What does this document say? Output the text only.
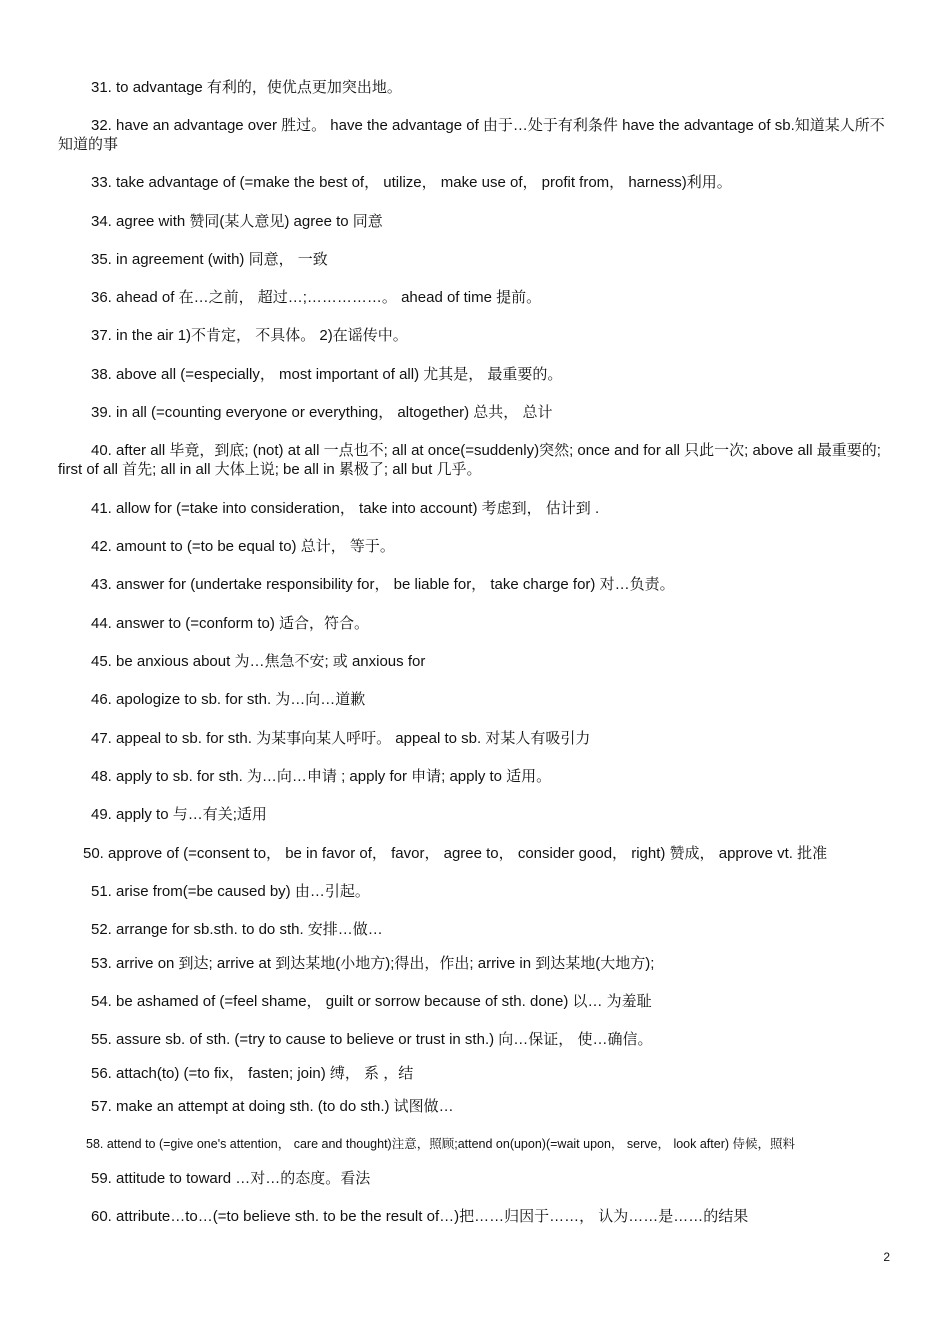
31. to advantage 有利的，使优点更加突出地。
32. have an advantage over 胜过。 have the advantage of 由于…处于有利条件 have the advantage of sb.知道某人所不知道的事
33. take advantage of (=make the best of， utilize， make use of， profit from， harness)利用。
34. agree with 赞同(某人意见) agree to 同意
35. in agreement (with) 同意， 一致
36. ahead of 在…之前， 超过…;……………。 ahead of time 提前。
37. in the air 1)不肯定， 不具体。 2)在谣传中。
38. above all (=especially， most important of all) 尤其是， 最重要的。
39. in all (=counting everyone or everything， altogether) 总共， 总计
40. after all 毕竟，到底; (not) at all 一点也不; all at once(=suddenly)突然; once and for all 只此一次; above all 最重要的; first of all 首先; all in all 大体上说; be all in 累极了; all but 几乎。
41. allow for (=take into consideration， take into account) 考虑到， 估计到 .
42. amount to (=to be equal to) 总计， 等于。
43. answer for (undertake responsibility for， be liable for， take charge for) 对…负责。
44. answer to (=conform to) 适合，符合。
45. be anxious about 为…焦急不安; 或 anxious for
46. apologize to sb. for sth. 为…向…道歉
47. appeal to sb. for sth. 为某事向某人呼吁。 appeal to sb. 对某人有吸引力
48. apply to sb. for sth. 为…向…申请 ; apply for 申请; apply to 适用。
49. apply to 与…有关;适用
50. approve of (=consent to， be in favor of， favor， agree to， consider good， right) 赞成， approve vt. 批准
51. arise from(=be caused by) 由…引起。
52. arrange for sb.sth. to do sth. 安排…做…
53. arrive on 到达; arrive at 到达某地(小地方);得出，作出; arrive in 到达某地(大地方);
54. be ashamed of (=feel shame， guilt or sorrow because of sth. done) 以… 为羞耻
55. assure sb. of sth. (=try to cause to believe or trust in sth.) 向…保证， 使…确信。
56. attach(to) (=to fix， fasten; join) 缚， 系 ，结
57. make an attempt at doing sth. (to do sth.) 试图做…
58. attend to (=give one's attention， care and thought)注意，照顾;attend on(upon)(=wait upon， serve， look after) 侍候，照料
59. attitude to toward …对…的态度。看法
60. attribute…to…(=to believe sth. to be the result of…)把……归因于……， 认为……是……的结果
2
